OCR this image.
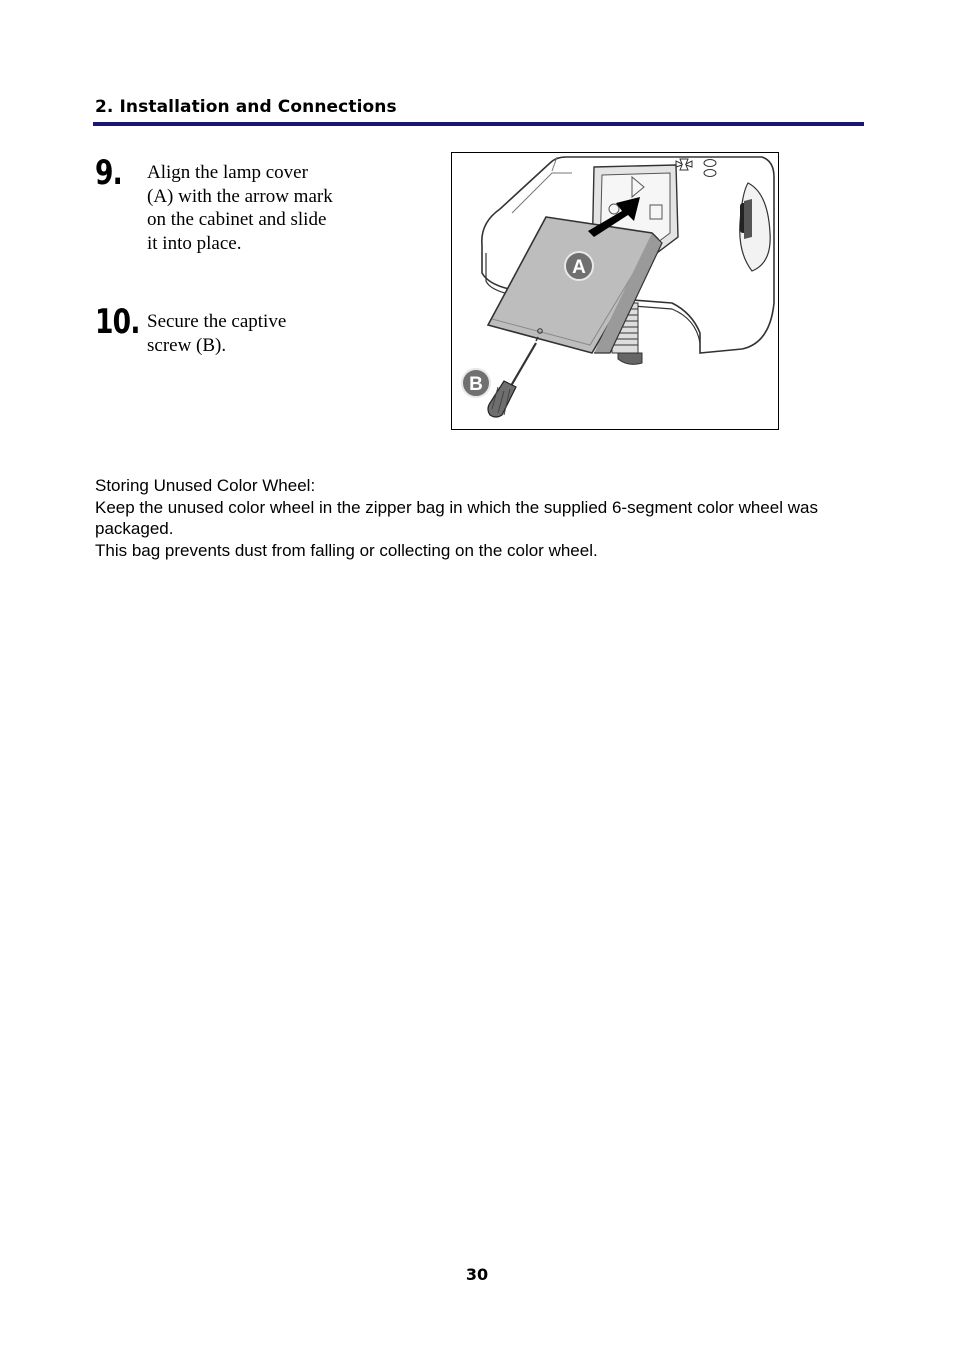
2. Installation and Connections
9. Align the lamp cover
(A) with the arrow mark
on the cabinet and slide
it into place.
10. Secure the captive
screw (B).
A
B

Storing Unused Color Wheel:

Keep the unused color wheel in the zipper bag in which the supplied 6-segment color wheel was packaged.

This bag prevents dust from falling or collecting on the color wheel.

30
